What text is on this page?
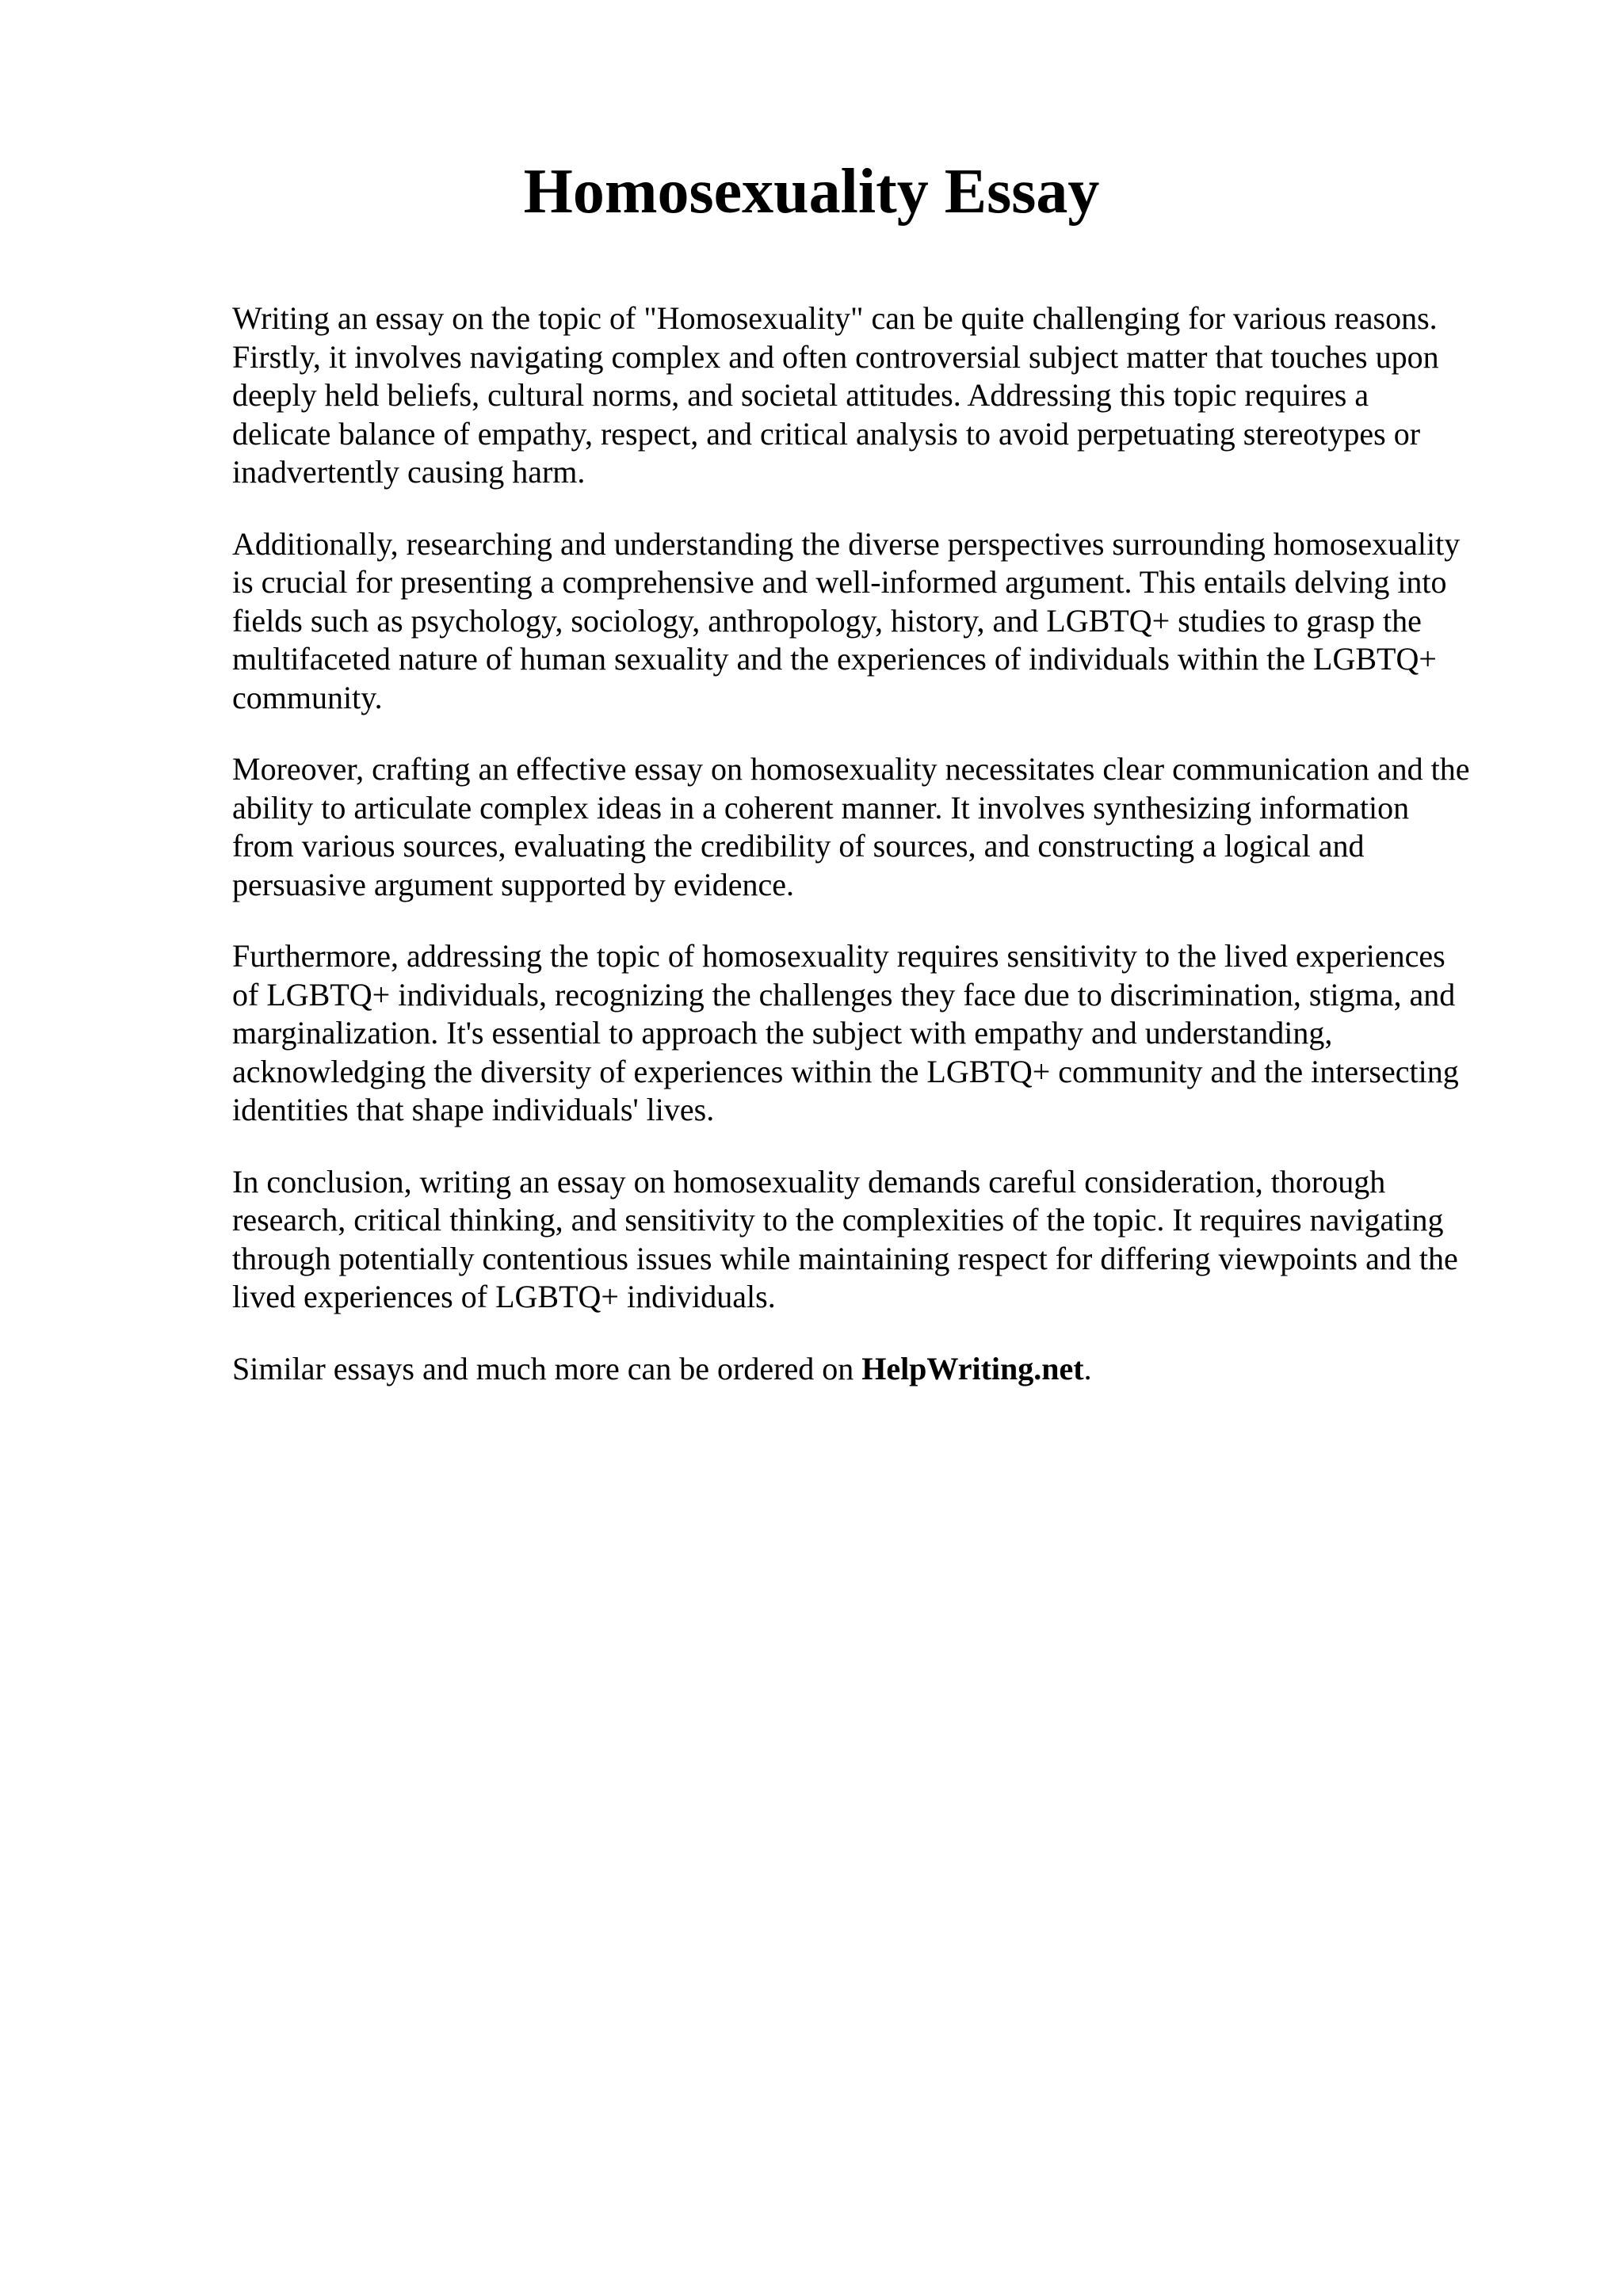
Homosexuality Essay

Writing an essay on the topic of "Homosexuality" can be quite challenging for various reasons.
Firstly, it involves navigating complex and often controversial subject matter that touches upon
deeply held beliefs, cultural norms, and societal attitudes. Addressing this topic requires a
delicate balance of empathy, respect, and critical analysis to avoid perpetuating stereotypes or
inadvertently causing harm.

Additionally, researching and understanding the diverse perspectives surrounding homosexuality
is crucial for presenting a comprehensive and well-informed argument. This entails delving into
fields such as psychology, sociology, anthropology, history, and LGBTQ+ studies to grasp the
multifaceted nature of human sexuality and the experiences of individuals within the LGBTQ+
community.

Moreover, crafting an effective essay on homosexuality necessitates clear communication and the
ability to articulate complex ideas in a coherent manner. It involves synthesizing information
from various sources, evaluating the credibility of sources, and constructing a logical and
persuasive argument supported by evidence.

Furthermore, addressing the topic of homosexuality requires sensitivity to the lived experiences
of LGBTQ+ individuals, recognizing the challenges they face due to discrimination, stigma, and
marginalization. It's essential to approach the subject with empathy and understanding,
acknowledging the diversity of experiences within the LGBTQ+ community and the intersecting
identities that shape individuals' lives.

In conclusion, writing an essay on homosexuality demands careful consideration, thorough
research, critical thinking, and sensitivity to the complexities of the topic. It requires navigating
through potentially contentious issues while maintaining respect for differing viewpoints and the
lived experiences of LGBTQ+ individuals.

Similar essays and much more can be ordered on HelpWriting.net.
